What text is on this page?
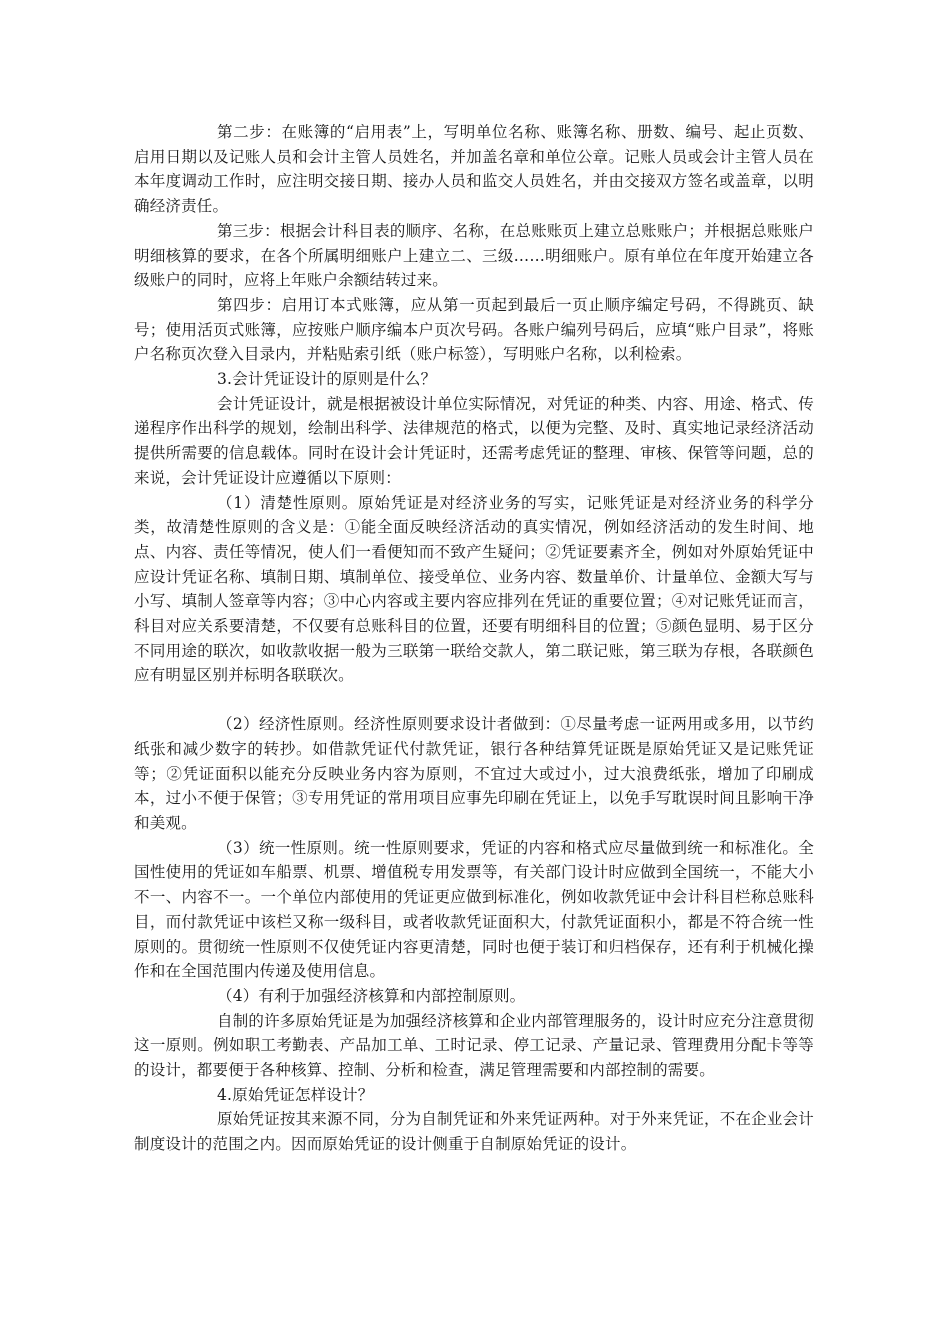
第二步：在账簿的“启用表”上，写明单位名称、账簿名称、册数、编号、起止页数、启用日期以及记账人员和会计主管人员姓名，并加盖名章和单位公章。记账人员或会计主管人员在本年度调动工作时，应注明交接日期、接办人员和监交人员姓名，并由交接双方签名或盖章，以明确经济责任。

第三步：根据会计科目表的顺序、名称，在总账账页上建立总账账户；并根据总账账户明细核算的要求，在各个所属明细账户上建立二、三级……明细账户。原有单位在年度开始建立各级账户的同时，应将上年账户余额结转过来。

第四步：启用订本式账簿，应从第一页起到最后一页止顺序编定号码，不得跳页、缺号；使用活页式账簿，应按账户顺序编本户页次号码。各账户编列号码后，应填“账户目录”，将账户名称页次登入目录内，并粘贴索引纸（账户标签），写明账户名称，以利检索。

3.会计凭证设计的原则是什么？

会计凭证设计，就是根据被设计单位实际情况，对凭证的种类、内容、用途、格式、传递程序作出科学的规划，绘制出科学、法律规范的格式，以便为完整、及时、真实地记录经济活动提供所需要的信息载体。同时在设计会计凭证时，还需考虑凭证的整理、审核、保管等问题，总的来说，会计凭证设计应遵循以下原则：

（1）清楚性原则。原始凭证是对经济业务的写实，记账凭证是对经济业务的科学分类，故清楚性原则的含义是：①能全面反映经济活动的真实情况，例如经济活动的发生时间、地点、内容、责任等情况，使人们一看便知而不致产生疑问；②凭证要素齐全，例如对外原始凭证中应设计凭证名称、填制日期、填制单位、接受单位、业务内容、数量单价、计量单位、金额大写与小写、填制人签章等内容；③中心内容或主要内容应排列在凭证的重要位置；④对记账凭证而言，科目对应关系要清楚，不仅要有总账科目的位置，还要有明细科目的位置；⑤颜色显明、易于区分不同用途的联次，如收款收据一般为三联第一联给交款人，第二联记账，第三联为存根，各联颜色应有明显区别并标明各联联次。

（2）经济性原则。经济性原则要求设计者做到：①尽量考虑一证两用或多用，以节约纸张和减少数字的转抄。如借款凭证代付款凭证，银行各种结算凭证既是原始凭证又是记账凭证等；②凭证面积以能充分反映业务内容为原则，不宜过大或过小，过大浪费纸张，增加了印刷成本，过小不便于保管；③专用凭证的常用项目应事先印刷在凭证上，以免手写耽误时间且影响干净和美观。

（3）统一性原则。统一性原则要求，凭证的内容和格式应尽量做到统一和标准化。全国性使用的凭证如车船票、机票、增值税专用发票等，有关部门设计时应做到全国统一，不能大小不一、内容不一。一个单位内部使用的凭证更应做到标准化，例如收款凭证中会计科目栏称总账科目，而付款凭证中该栏又称一级科目，或者收款凭证面积大，付款凭证面积小，都是不符合统一性原则的。贯彻统一性原则不仅使凭证内容更清楚，同时也便于装订和归档保存，还有利于机械化操作和在全国范围内传递及使用信息。

（4）有利于加强经济核算和内部控制原则。

自制的许多原始凭证是为加强经济核算和企业内部管理服务的，设计时应充分注意贯彻这一原则。例如职工考勤表、产品加工单、工时记录、停工记录、产量记录、管理费用分配卡等等的设计，都要便于各种核算、控制、分析和检查，满足管理需要和内部控制的需要。

4.原始凭证怎样设计？

原始凭证按其来源不同，分为自制凭证和外来凭证两种。对于外来凭证，不在企业会计制度设计的范围之内。因而原始凭证的设计侧重于自制原始凭证的设计。
